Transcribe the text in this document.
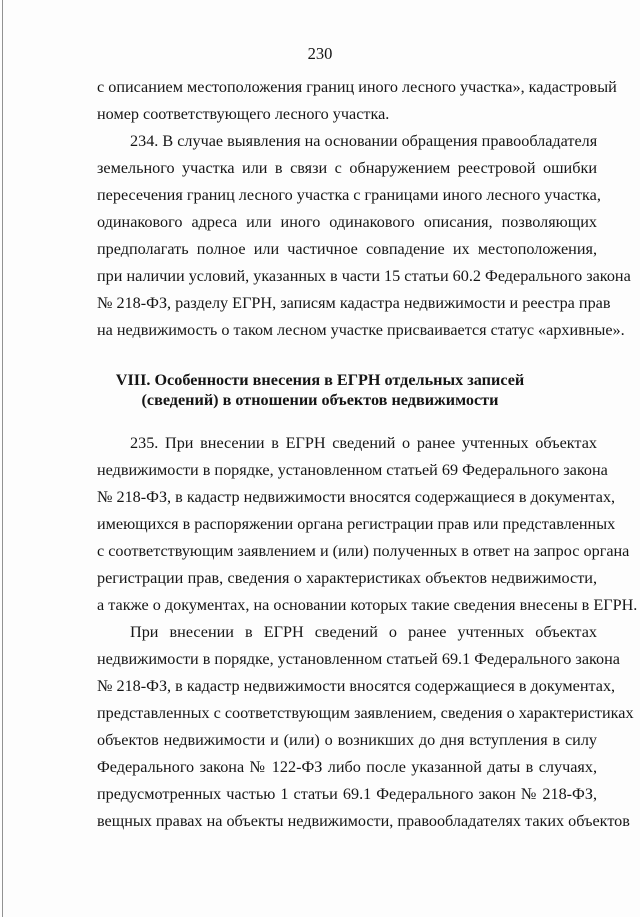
230
с описанием местоположения границ иного лесного участка», кадастровый
номер соответствующего лесного участка.
234. В случае выявления на основании обращения правообладателя
земельного участка или в связи с обнаружением реестровой ошибки
пересечения границ лесного участка с границами иного лесного участка,
одинакового адреса или иного одинакового описания, позволяющих
предполагать полное или частичное совпадение их местоположения,
при наличии условий, указанных в части 15 статьи 60.2 Федерального закона
№ 218-ФЗ, разделу ЕГРН, записям кадастра недвижимости и реестра прав
на недвижимость о таком лесном участке присваивается статус «архивные».
VIII. Особенности внесения в ЕГРН отдельных записей
(сведений) в отношении объектов недвижимости
235. При внесении в ЕГРН сведений о ранее учтенных объектах
недвижимости в порядке, установленном статьей 69 Федерального закона
№ 218-ФЗ, в кадастр недвижимости вносятся содержащиеся в документах,
имеющихся в распоряжении органа регистрации прав или представленных
с соответствующим заявлением и (или) полученных в ответ на запрос органа
регистрации прав, сведения о характеристиках объектов недвижимости,
а также о документах, на основании которых такие сведения внесены в ЕГРН.
При внесении в ЕГРН сведений о ранее учтенных объектах
недвижимости в порядке, установленном статьей 69.1 Федерального закона
№ 218-ФЗ, в кадастр недвижимости вносятся содержащиеся в документах,
представленных с соответствующим заявлением, сведения о характеристиках
объектов недвижимости и (или) о возникших до дня вступления в силу
Федерального закона № 122-ФЗ либо после указанной даты в случаях,
предусмотренных частью 1 статьи 69.1 Федерального закон № 218-ФЗ,
вещных правах на объекты недвижимости, правообладателях таких объектов
